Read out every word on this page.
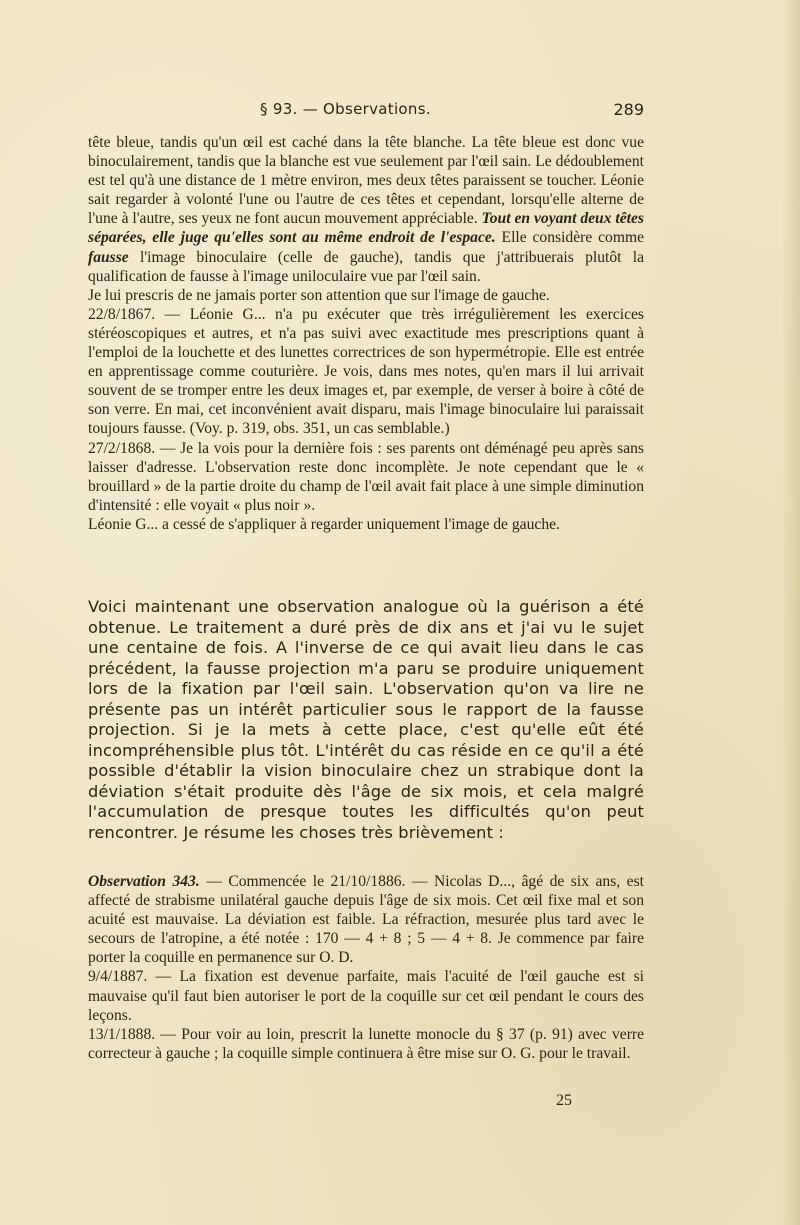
§ 93. — Observations.	289

tête bleue, tandis qu'un œil est caché dans la tête blanche. La tête bleue est donc vue binoculairement, tandis que la blanche est vue seulement par l'œil sain. Le dédoublement est tel qu'à une distance de 1 mètre environ, mes deux têtes paraissent se toucher. Léonie sait regarder à volonté l'une ou l'autre de ces têtes et cependant, lorsqu'elle alterne de l'une à l'autre, ses yeux ne font aucun mouvement appréciable. Tout en voyant deux têtes séparées, elle juge qu'elles sont au même endroit de l'espace. Elle considère comme fausse l'image binoculaire (celle de gauche), tandis que j'attribuerais plutôt la qualification de fausse à l'image uniloculaire vue par l'œil sain.

Je lui prescris de ne jamais porter son attention que sur l'image de gauche.

22/8/1867. — Léonie G... n'a pu exécuter que très irrégulièrement les exercices stéréoscopiques et autres, et n'a pas suivi avec exactitude mes prescriptions quant à l'emploi de la louchette et des lunettes correctrices de son hypermétropie. Elle est entrée en apprentissage comme couturière. Je vois, dans mes notes, qu'en mars il lui arrivait souvent de se tromper entre les deux images et, par exemple, de verser à boire à côté de son verre. En mai, cet inconvénient avait disparu, mais l'image binoculaire lui paraissait toujours fausse. (Voy. p. 319, obs. 351, un cas semblable.)

27/2/1868. — Je la vois pour la dernière fois : ses parents ont déménagé peu après sans laisser d'adresse. L'observation reste donc incomplète. Je note cependant que le « brouillard » de la partie droite du champ de l'œil avait fait place à une simple diminution d'intensité : elle voyait « plus noir ».

Léonie G... a cessé de s'appliquer à regarder uniquement l'image de gauche.

Voici maintenant une observation analogue où la guérison a été obtenue. Le traitement a duré près de dix ans et j'ai vu le sujet une centaine de fois. A l'inverse de ce qui avait lieu dans le cas précédent, la fausse projection m'a paru se produire uniquement lors de la fixation par l'œil sain. L'observation qu'on va lire ne présente pas un intérêt particulier sous le rapport de la fausse projection. Si je la mets à cette place, c'est qu'elle eût été incompréhensible plus tôt. L'intérêt du cas réside en ce qu'il a été possible d'établir la vision binoculaire chez un strabique dont la déviation s'était produite dès l'âge de six mois, et cela malgré l'accumulation de presque toutes les difficultés qu'on peut rencontrer. Je résume les choses très brièvement :

Observation 343. — Commencée le 21/10/1886. — Nicolas D..., âgé de six ans, est affecté de strabisme unilatéral gauche depuis l'âge de six mois. Cet œil fixe mal et son acuité est mauvaise. La déviation est faible. La réfraction, mesurée plus tard avec le secours de l'atropine, a été notée : 170 — 4 + 8 ; 5 — 4 + 8. Je commence par faire porter la coquille en permanence sur O. D.

9/4/1887. — La fixation est devenue parfaite, mais l'acuité de l'œil gauche est si mauvaise qu'il faut bien autoriser le port de la coquille sur cet œil pendant le cours des leçons.

13/1/1888. — Pour voir au loin, prescrit la lunette monocle du § 37 (p. 91) avec verre correcteur à gauche ; la coquille simple continuera à être mise sur O. G. pour le travail.

25
